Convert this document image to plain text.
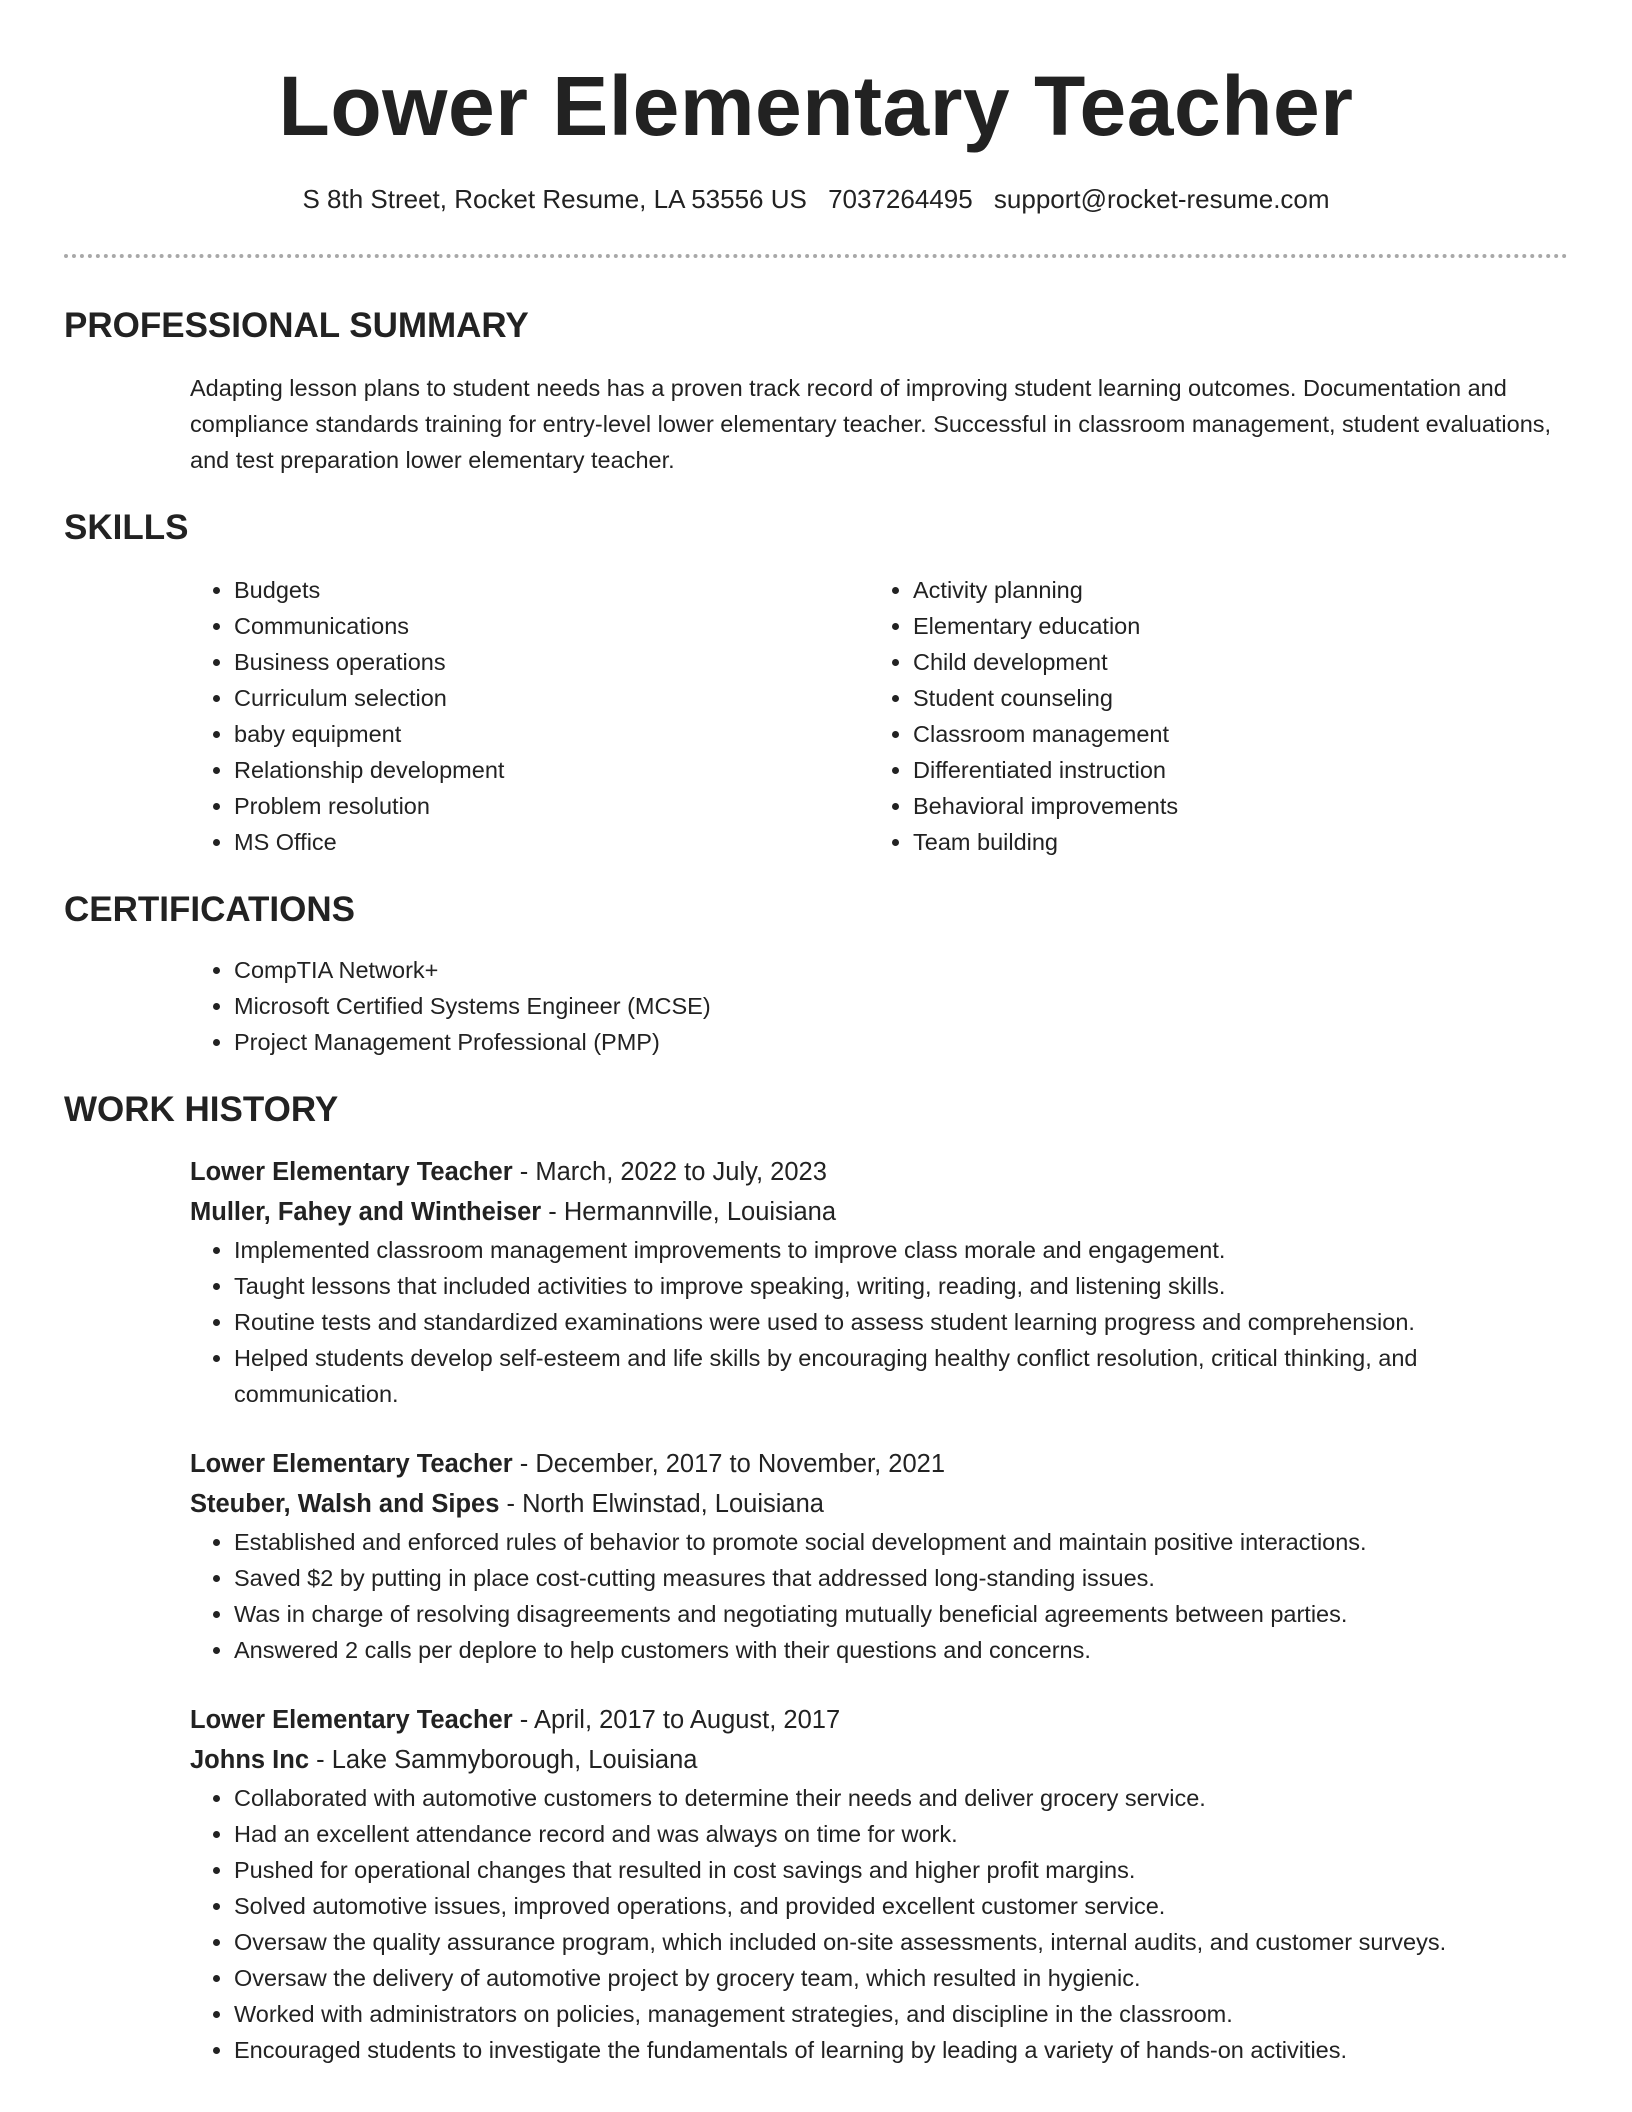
Lower Elementary Teacher
S 8th Street, Rocket Resume, LA 53556 US 7037264495 support@rocket-resume.com
PROFESSIONAL SUMMARY
Adapting lesson plans to student needs has a proven track record of improving student learning outcomes. Documentation and compliance standards training for entry-level lower elementary teacher. Successful in classroom management, student evaluations, and test preparation lower elementary teacher.
SKILLS
• Budgets
• Communications
• Business operations
• Curriculum selection
• baby equipment
• Relationship development
• Problem resolution
• MS Office
• Activity planning
• Elementary education
• Child development
• Student counseling
• Classroom management
• Differentiated instruction
• Behavioral improvements
• Team building
CERTIFICATIONS
• CompTIA Network+
• Microsoft Certified Systems Engineer (MCSE)
• Project Management Professional (PMP)
WORK HISTORY
Lower Elementary Teacher - March, 2022 to July, 2023
Muller, Fahey and Wintheiser - Hermannville, Louisiana
• Implemented classroom management improvements to improve class morale and engagement.
• Taught lessons that included activities to improve speaking, writing, reading, and listening skills.
• Routine tests and standardized examinations were used to assess student learning progress and comprehension.
• Helped students develop self-esteem and life skills by encouraging healthy conflict resolution, critical thinking, and communication.
Lower Elementary Teacher - December, 2017 to November, 2021
Steuber, Walsh and Sipes - North Elwinstad, Louisiana
• Established and enforced rules of behavior to promote social development and maintain positive interactions.
• Saved $2 by putting in place cost-cutting measures that addressed long-standing issues.
• Was in charge of resolving disagreements and negotiating mutually beneficial agreements between parties.
• Answered 2 calls per deplore to help customers with their questions and concerns.
Lower Elementary Teacher - April, 2017 to August, 2017
Johns Inc - Lake Sammyborough, Louisiana
• Collaborated with automotive customers to determine their needs and deliver grocery service.
• Had an excellent attendance record and was always on time for work.
• Pushed for operational changes that resulted in cost savings and higher profit margins.
• Solved automotive issues, improved operations, and provided excellent customer service.
• Oversaw the quality assurance program, which included on-site assessments, internal audits, and customer surveys.
• Oversaw the delivery of automotive project by grocery team, which resulted in hygienic.
• Worked with administrators on policies, management strategies, and discipline in the classroom.
• Encouraged students to investigate the fundamentals of learning by leading a variety of hands-on activities.
